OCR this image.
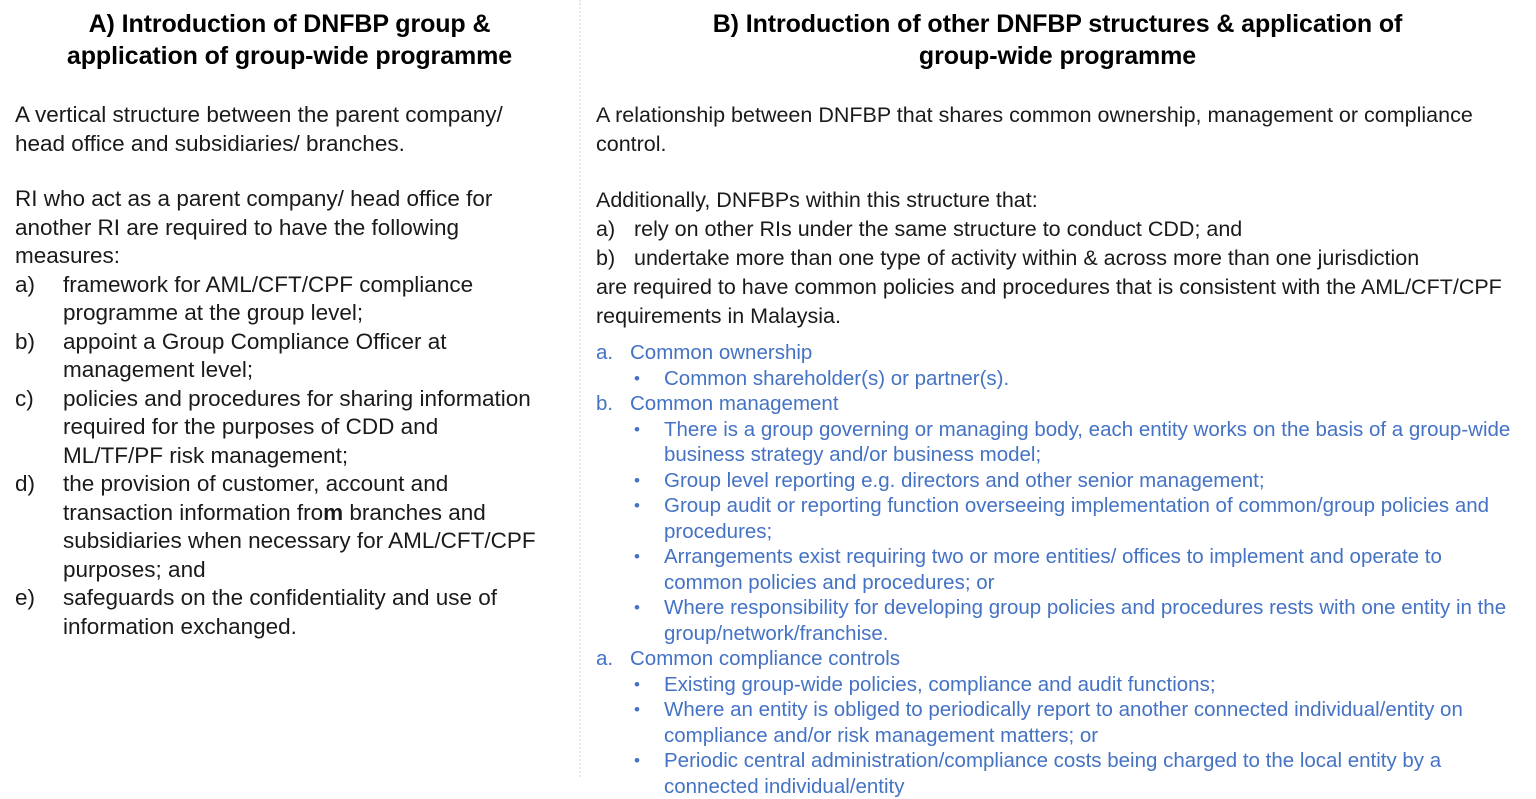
A) Introduction of DNFBP group & application of group-wide programme
A vertical structure between the parent company/ head office and subsidiaries/ branches.
RI who act as a parent company/ head office for another RI are required to have the following measures:
a)	framework for AML/CFT/CPF compliance programme at the group level;
b)	appoint a Group Compliance Officer at management level;
c)	policies and procedures for sharing information required for the purposes of CDD and ML/TF/PF risk management;
d)	the provision of customer, account and transaction information from branches and subsidiaries when necessary for AML/CFT/CPF purposes; and
e)	safeguards on the confidentiality and use of information exchanged.
B) Introduction of other DNFBP structures & application of group-wide programme
A relationship between DNFBP that shares common ownership, management or compliance control.
Additionally, DNFBPs within this structure that:
a) rely on other RIs under the same structure to conduct CDD; and
b) undertake more than one type of activity within & across more than one jurisdiction
are required to have common policies and procedures that is consistent with the AML/CFT/CPF requirements in Malaysia.
a. Common ownership
•	Common shareholder(s) or partner(s).
b. Common management
•	There is a group governing or managing body, each entity works on the basis of a group-wide business strategy and/or business model;
•	Group level reporting e.g. directors and other senior management;
•	Group audit or reporting function overseeing implementation of common/group policies and procedures;
•	Arrangements exist requiring two or more entities/ offices to implement and operate to common policies and procedures; or
•	Where responsibility for developing group policies and procedures rests with one entity in the group/network/franchise.
a. Common compliance controls
•	Existing group-wide policies, compliance and audit functions;
•	Where an entity is obliged to periodically report to another connected individual/entity on compliance and/or risk management matters; or
•	Periodic central administration/compliance costs being charged to the local entity by a connected individual/entity
